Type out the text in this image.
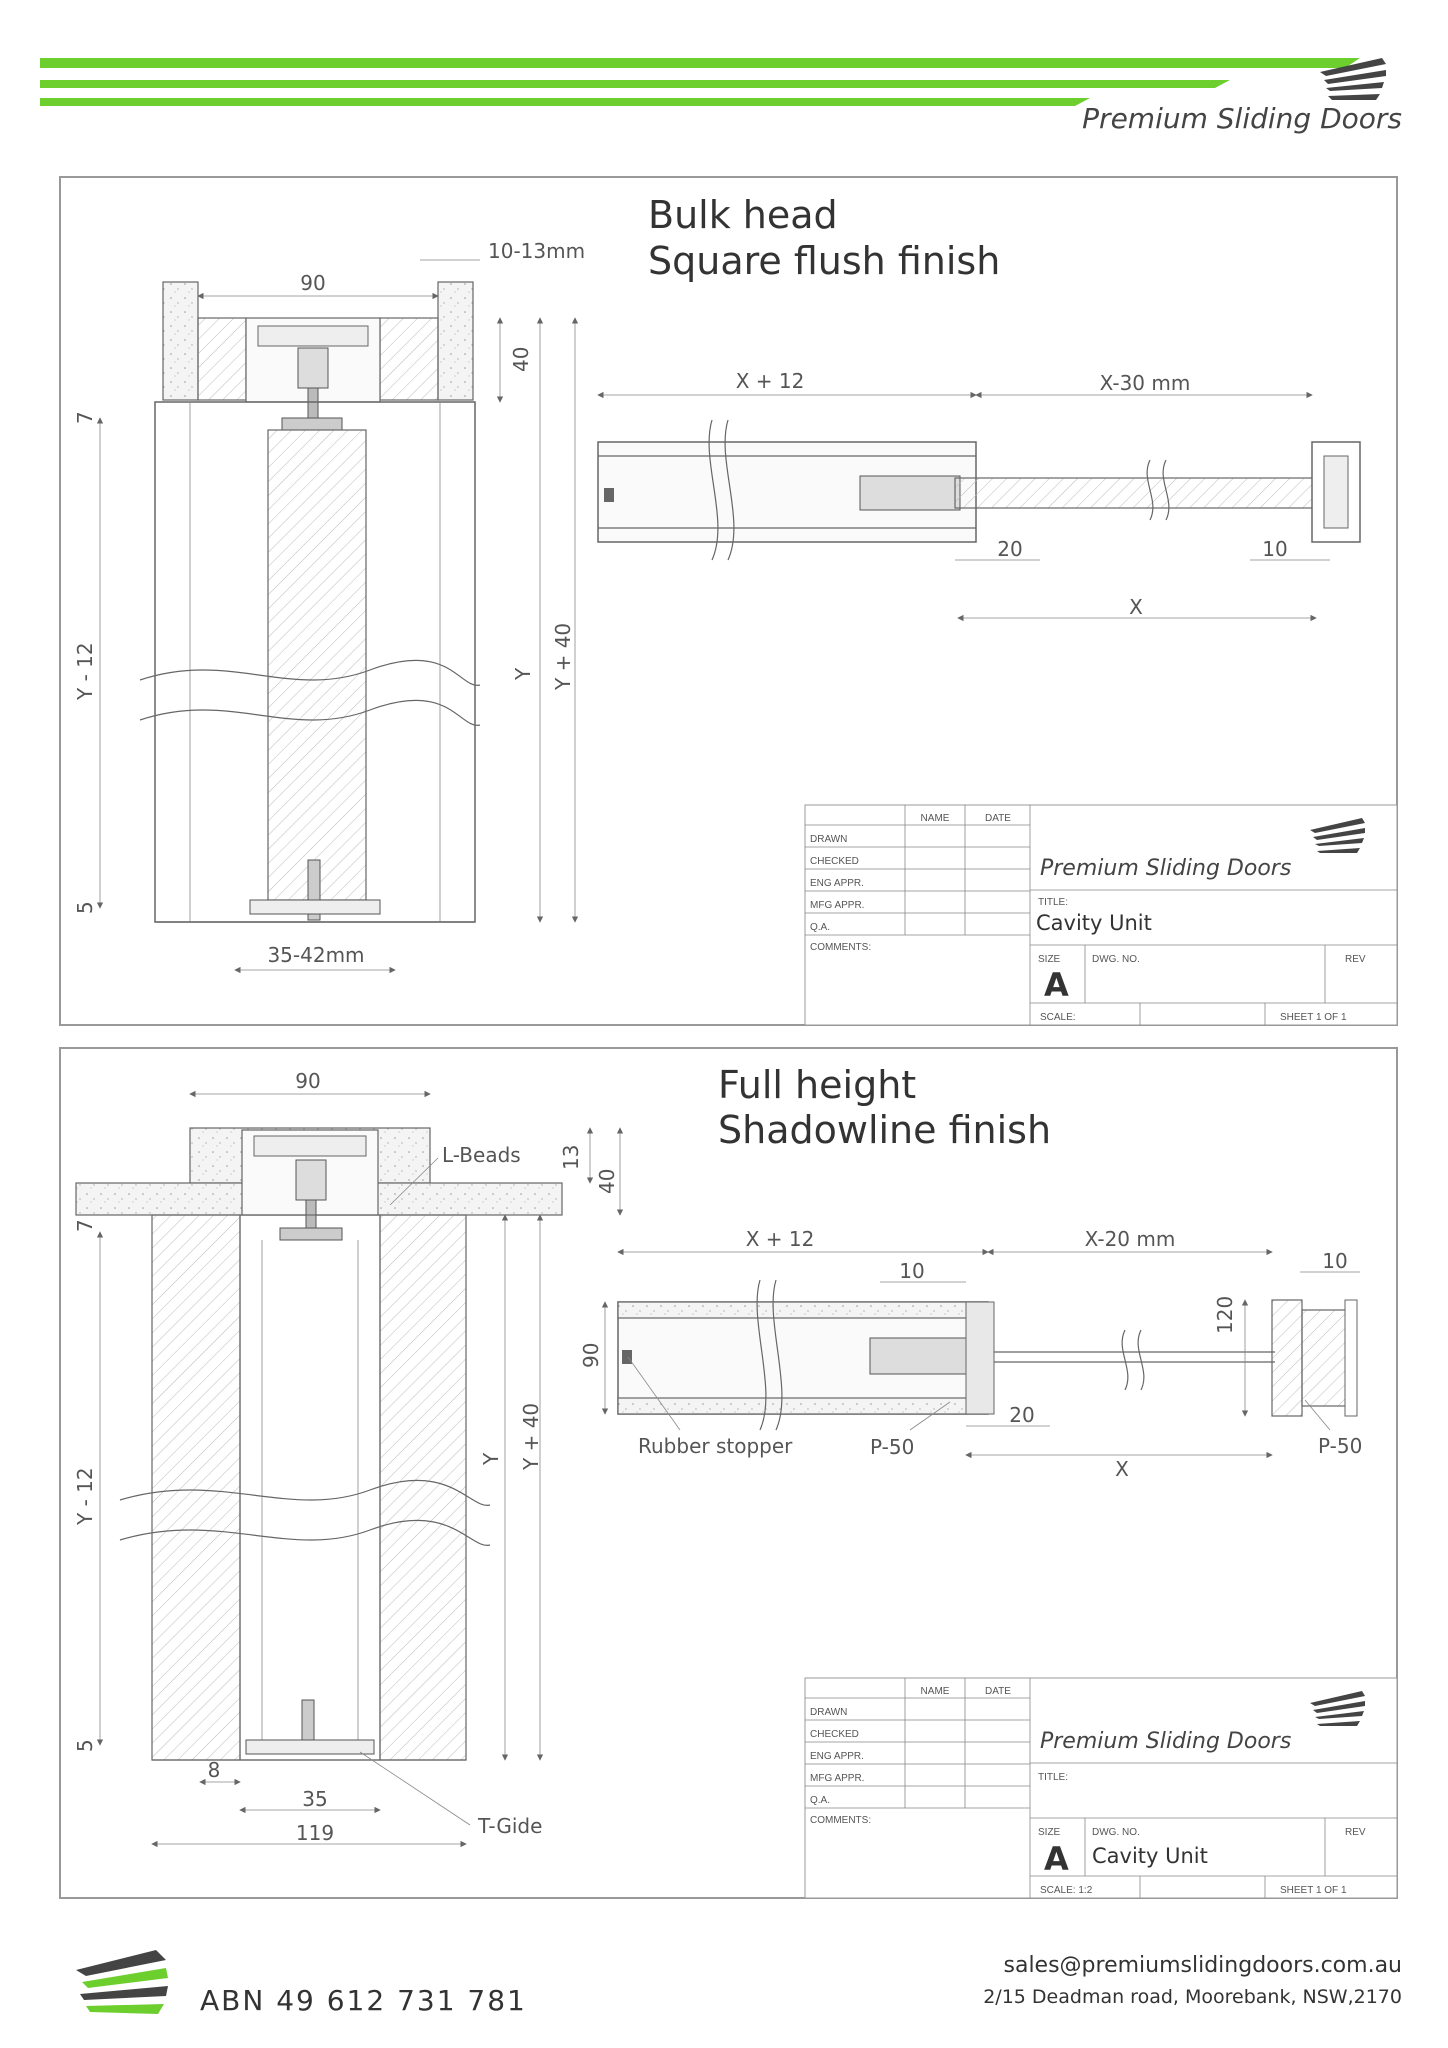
Premium Sliding Doors
Bulk head
Square flush finish
90
10-13mm
40
Y Y + 40
Y - 12
7
5
35-42mm
X + 12	X-30 mm
20	10
X
NAME	DATE
DRAWN
CHECKED
ENG APPR.
MFG APPR.
Q.A.
COMMENTS:
Premium Sliding Doors
TITLE:
Cavity Unit
SIZE
A
DWG. NO.	REV
SCALE:	SHEET 1 OF 1
Full height
Shadowline finish
90
L-Beads 13
40
7
Y - 12
5
Y Y + 40
8
35
119	T-Gide
X + 12	X-20 mm
10	10
120
90
20
X
Rubber stopper	P-50	P-50
NAME	DATE
DRAWN
CHECKED
ENG APPR.
MFG APPR.
Q.A.
COMMENTS:
Premium Sliding Doors
TITLE:
SIZE
A
DWG. NO.
Cavity Unit
REV
SCALE: 1:2	SHEET 1 OF 1
ABN 49 612 731 781
sales@premiumslidingdoors.com.au
2/15 Deadman road, Moorebank, NSW,2170
